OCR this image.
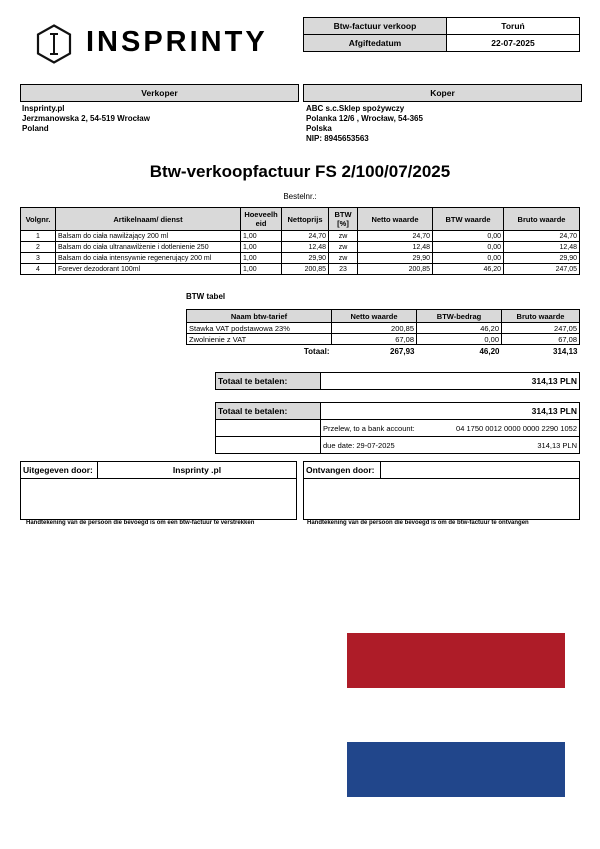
INSPRINTY	Btw-factuur verkoop	Toruń
Afgiftedatum	22-07-2025
Verkoper
Insprinty.pl
Jerzmanowska 2, 54-519 Wrocław
Poland
Koper
ABC s.c.Sklep spożywczy
Polanka 12/6 , Wrocław, 54-365
Polska
NIP: 8945653563
Btw-verkoopfactuur FS 2/100/07/2025
Bestelnr.:
Volgnr.	Artikelnaam/ dienst	Hoeveelh eid	Nettoprijs	BTW [%]	Netto waarde	BTW waarde	Bruto waarde
1	Balsam do ciała nawilżający 200 ml	1,00	24,70	zw	24,70	0,00	24,70
2	Balsam do ciała ultranawilżenie i dotlenienie 250	1,00	12,48	zw	12,48	0,00	12,48
3	Balsam do ciała intensywnie regenerujący 200 ml	1,00	29,90	zw	29,90	0,00	29,90
4	Forever dezodorant 100ml	1,00	200,85	23	200,85	46,20	247,05
BTW tabel
Naam btw-tarief	Netto waarde	BTW-bedrag	Bruto waarde
Stawka VAT podstawowa 23%	200,85	46,20	247,05
Zwolnienie z VAT	67,08	0,00	67,08
Totaal:	267,93	46,20	314,13
Totaal te betalen:	314,13 PLN
Totaal te betalen:	314,13 PLN
	Przelew, to a bank account: 04 1750 0012 0000 0000 2290 1052

	due date: 29-07-2025 314,13 PLN
Uitgegeven door:	Insprinty .pl

Handtekening van de persoon die bevoegd is om een btw-factuur te verstrekken
Ontvangen door:	

Handtekening van de persoon die bevoegd is om de btw-factuur te ontvangen
